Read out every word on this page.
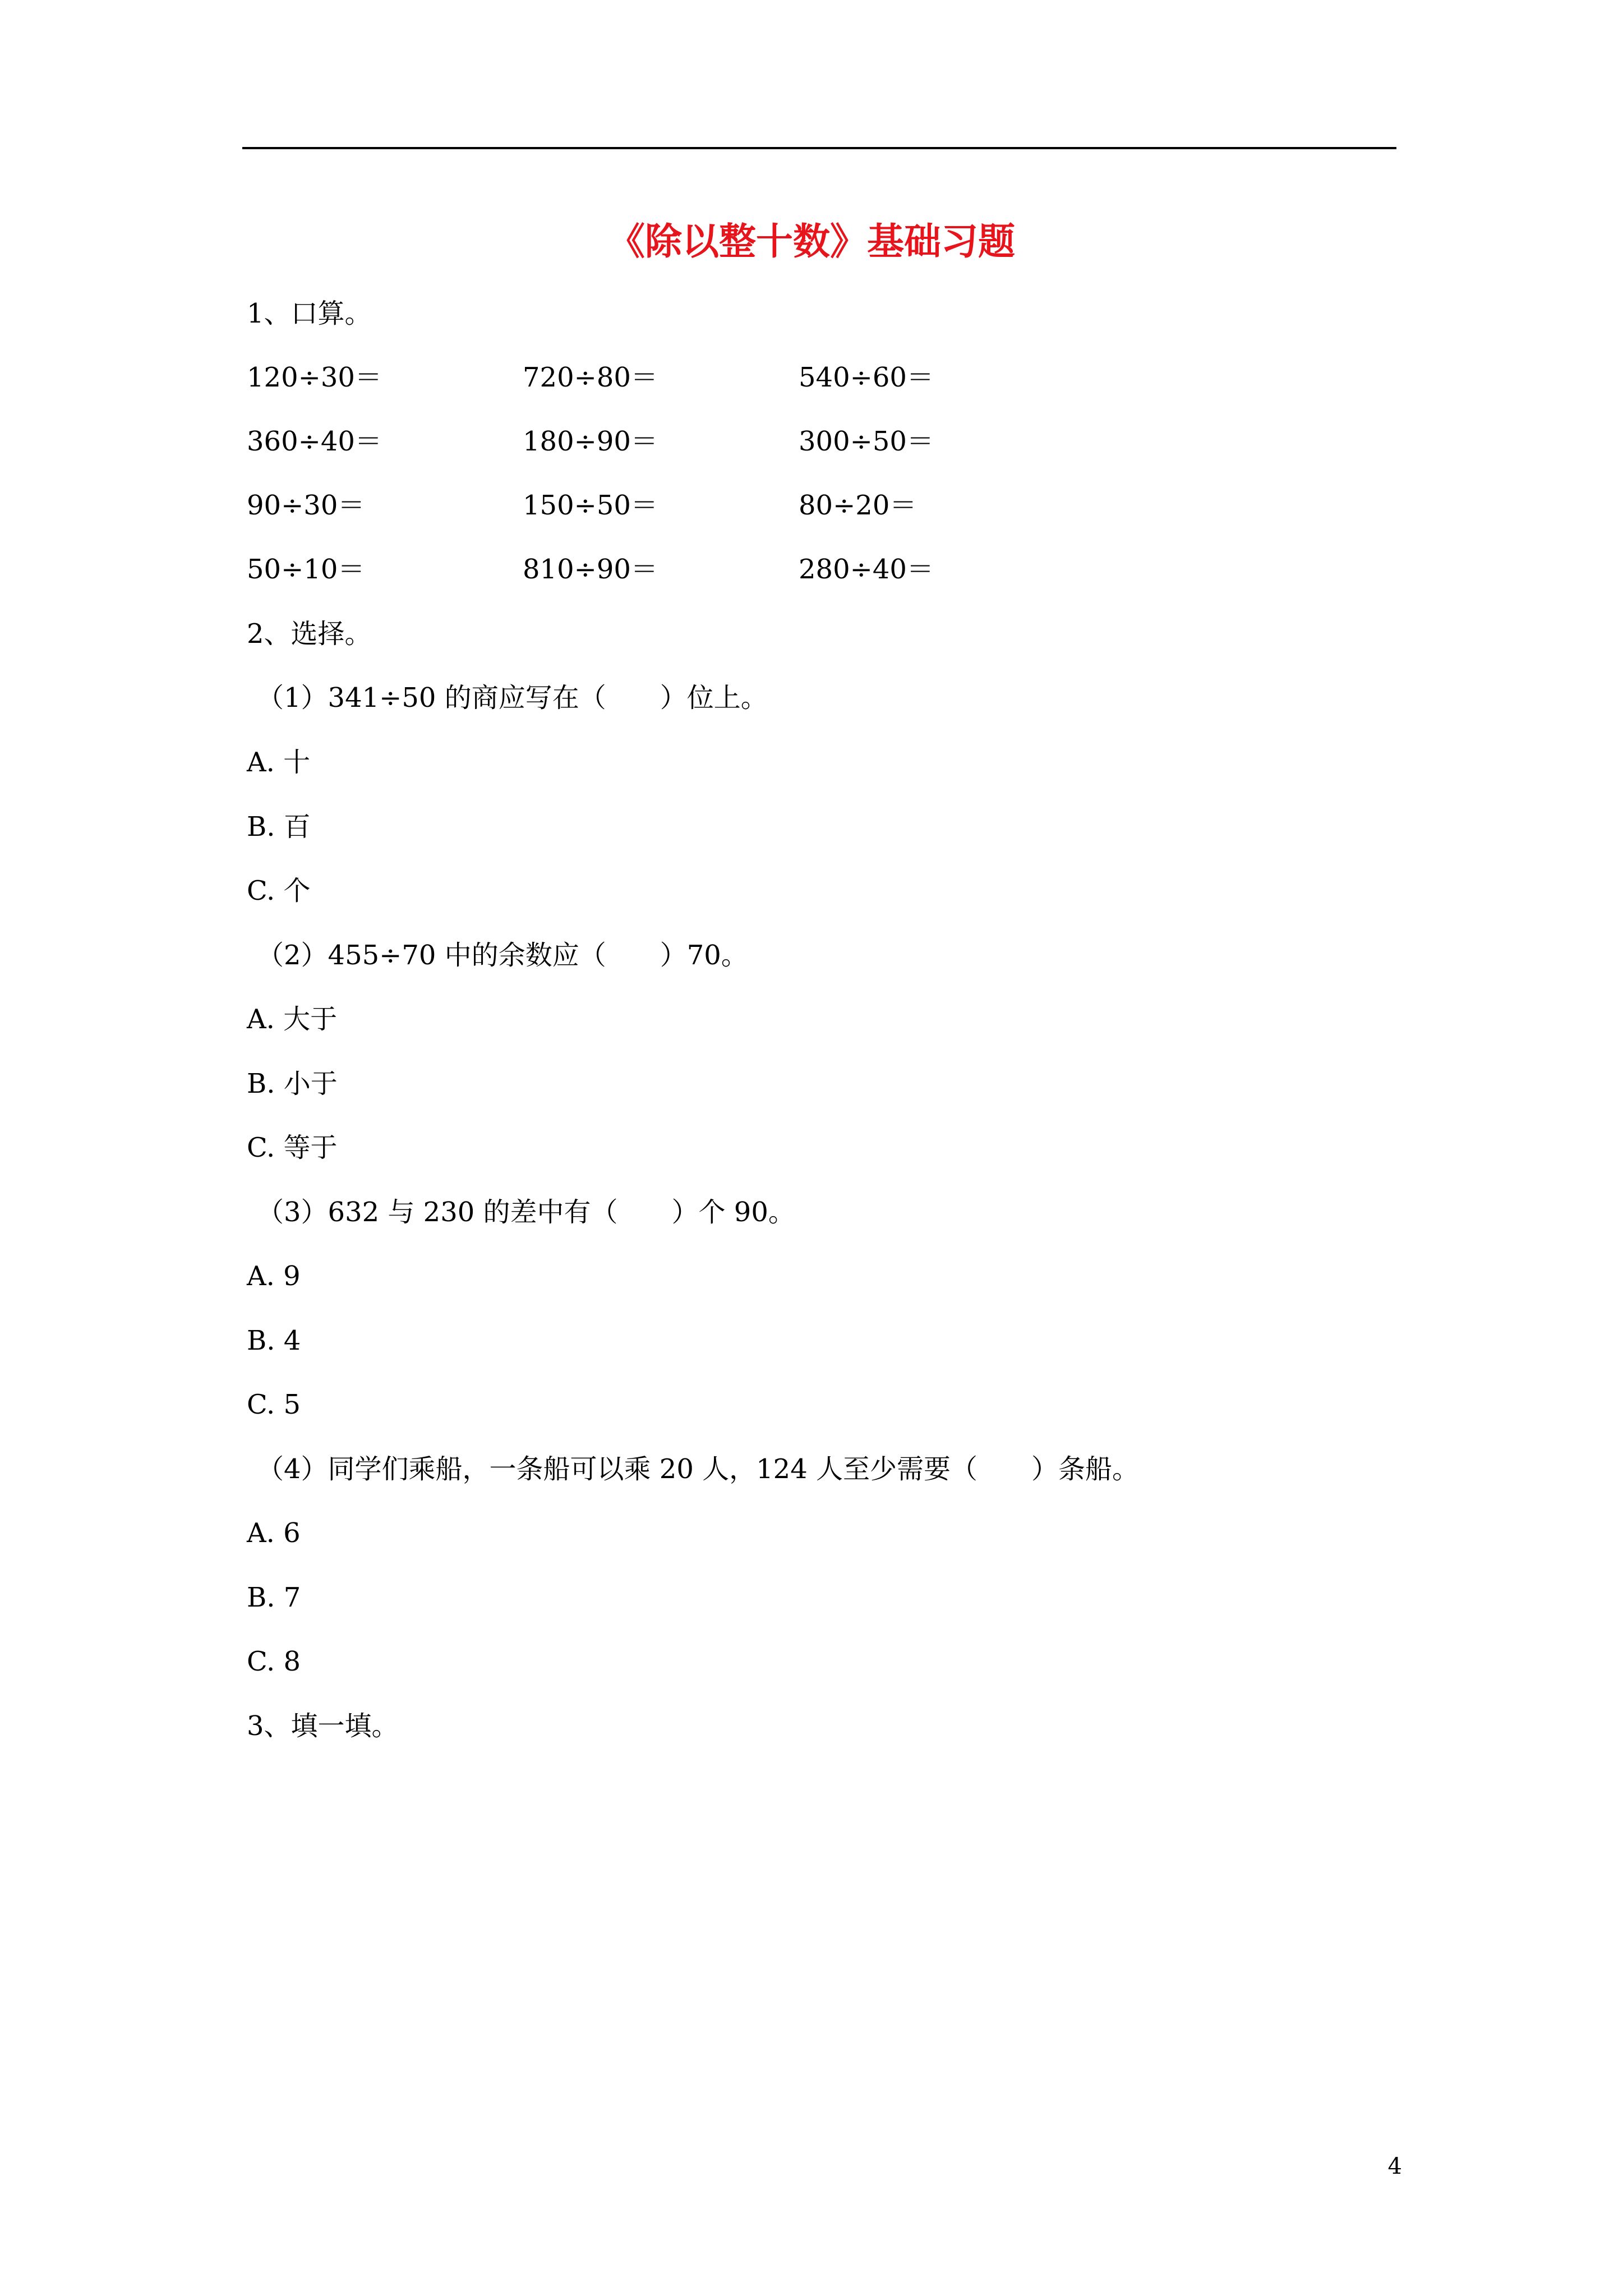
《除以整十数》基础习题
1、口算。
120÷30＝	720÷80＝	540÷60＝
360÷40＝	180÷90＝	300÷50＝
90÷30＝	150÷50＝	80÷20＝
50÷10＝	810÷90＝	280÷40＝
2、选择。
（1）341÷50 的商应写在（　　）位上。
A. 十
B. 百
C. 个
（2）455÷70 中的余数应（　　）70。
A. 大于
B. 小于
C. 等于
（3）632 与 230 的差中有（　　）个 90。
A. 9
B. 4
C. 5
（4）同学们乘船，一条船可以乘 20 人，124 人至少需要（　　）条船。
A. 6
B. 7
C. 8
3、填一填。
4
